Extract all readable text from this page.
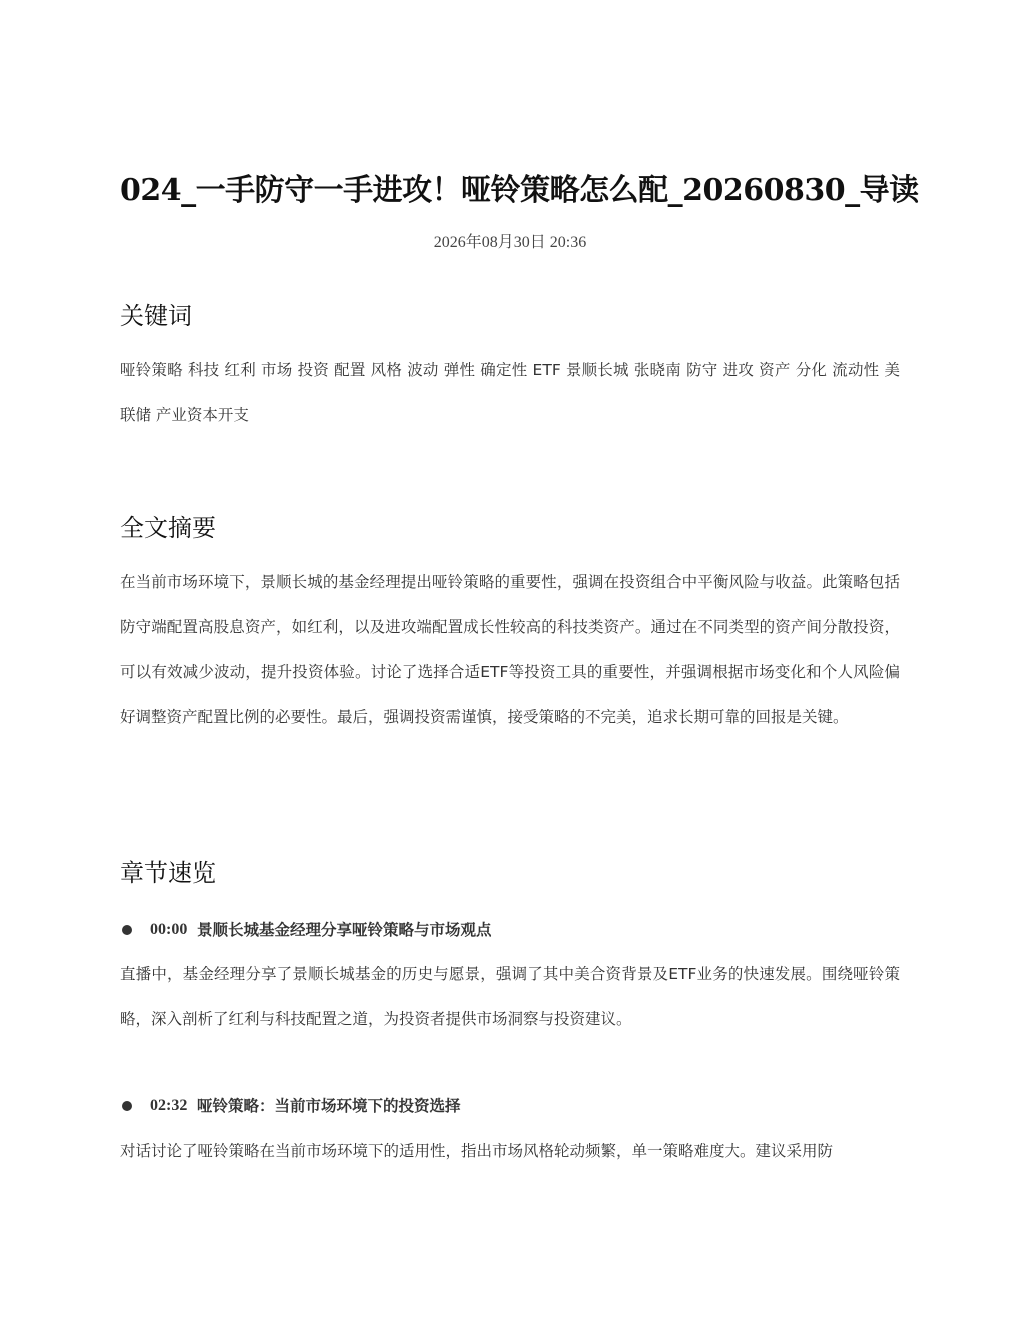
024_一手防守一手进攻！哑铃策略怎么配_20260830_导读
2026年08月30日 20:36
关键词

哑铃策略 科技 红利 市场 投资 配置 风格 波动 弹性 确定性 ETF 景顺长城 张晓南 防守 进攻 资产 分化 流动性 美联储 产业资本开支

全文摘要

在当前市场环境下，景顺长城的基金经理提出哑铃策略的重要性，强调在投资组合中平衡风险与收益。此策略包括防守端配置高股息资产，如红利，以及进攻端配置成长性较高的科技类资产。通过在不同类型的资产间分散投资，可以有效减少波动，提升投资体验。讨论了选择合适ETF等投资工具的重要性，并强调根据市场变化和个人风险偏好调整资产配置比例的必要性。最后，强调投资需谨慎，接受策略的不完美，追求长期可靠的回报是关键。

章节速览
00:00 景顺长城基金经理分享哑铃策略与市场观点

直播中，基金经理分享了景顺长城基金的历史与愿景，强调了其中美合资背景及ETF业务的快速发展。围绕哑铃策略，深入剖析了红利与科技配置之道，为投资者提供市场洞察与投资建议。

02:32 哑铃策略：当前市场环境下的投资选择

对话讨论了哑铃策略在当前市场环境下的适用性，指出市场风格轮动频繁，单一策略难度大。建议采用防
